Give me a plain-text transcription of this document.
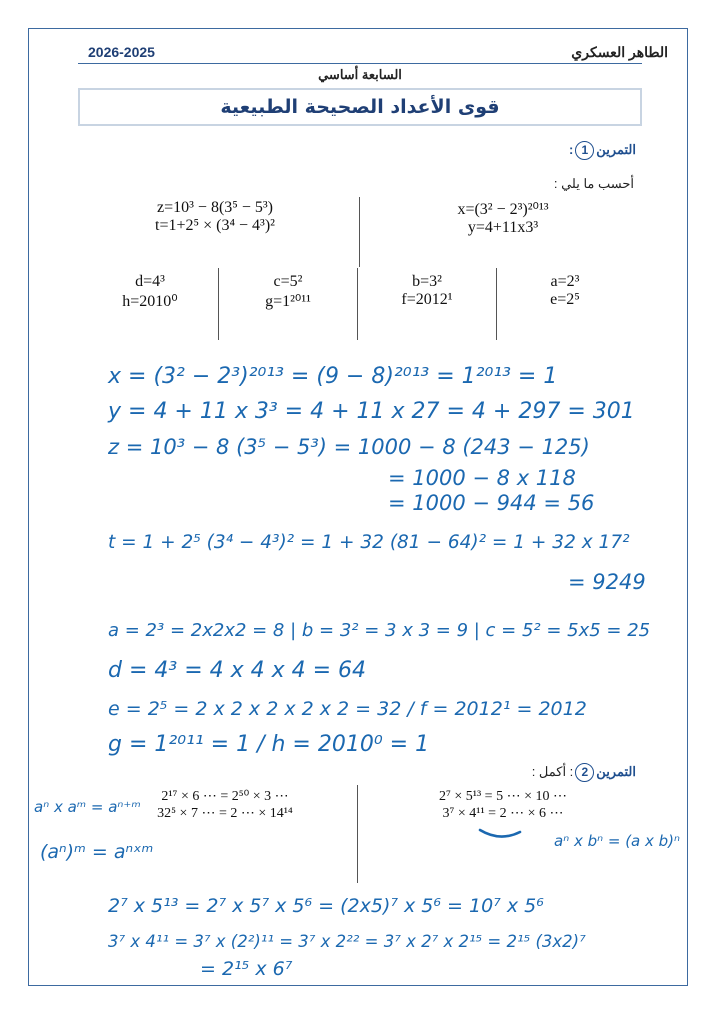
2026-2025	الطاهر العسكري
السابعة أساسي
قوى الأعداد الصحيحة الطبيعية
التمرين1:
أحسب ما يلي :
z=10³ − 8(3⁵ − 5³)
t=1+2⁵ × (3⁴ − 4³)²
x=(3² − 2³)²⁰¹³
y=4+11x3³
d=4³
h=2010⁰
c=5²
g=1²⁰¹¹
b=3²
f=2012¹
a=2³
e=2⁵
التمرين2: أكمل :
2¹⁷ × 6 ⋯ = 2⁵⁰ × 3 ⋯
32⁵ × 7 ⋯ = 2 ⋯ × 14¹⁴
2⁷ × 5¹³ = 5 ⋯ × 10 ⋯
3⁷ × 4¹¹ = 2 ⋯ × 6 ⋯
x = (3² − 2³)²⁰¹³ = (9 − 8)²⁰¹³ = 1²⁰¹³ = 1
y = 4 + 11 x 3³ = 4 + 11 x 27 = 4 + 297 = 301
z = 10³ − 8 (3⁵ − 5³) = 1000 − 8 (243 − 125)
= 1000 − 8 x 118
= 1000 − 944 = 56
t = 1 + 2⁵ (3⁴ − 4³)² = 1 + 32 (81 − 64)² = 1 + 32 x 17²
= 9249
a = 2³ = 2x2x2 = 8 | b = 3² = 3 x 3 = 9 | c = 5² = 5x5 = 25
d = 4³ = 4 x 4 x 4 = 64
e = 2⁵ = 2 x 2 x 2 x 2 x 2 = 32 / f = 2012¹ = 2012
g = 1²⁰¹¹ = 1 / h = 2010⁰ = 1
aⁿ x aᵐ = aⁿ⁺ᵐ
(aⁿ)ᵐ = aⁿˣᵐ	aⁿ x bⁿ = (a x b)ⁿ
2⁷ x 5¹³ = 2⁷ x 5⁷ x 5⁶ = (2x5)⁷ x 5⁶ = 10⁷ x 5⁶
3⁷ x 4¹¹ = 3⁷ x (2²)¹¹ = 3⁷ x 2²² = 3⁷ x 2⁷ x 2¹⁵ = 2¹⁵ (3x2)⁷
= 2¹⁵ x 6⁷
